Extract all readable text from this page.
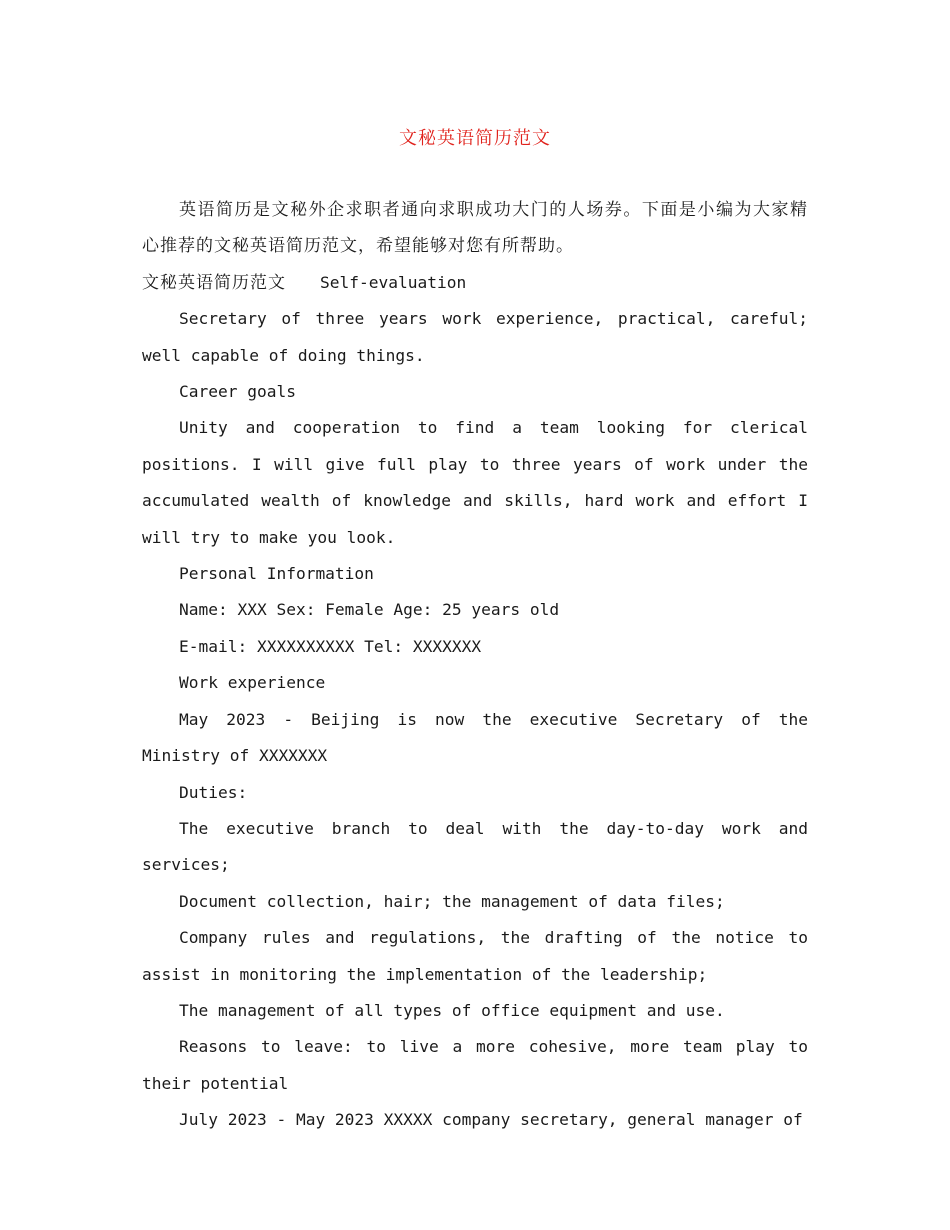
文秘英语简历范文

英语简历是文秘外企求职者通向求职成功大门的人场券。下面是小编为大家精心推荐的文秘英语简历范文，希望能够对您有所帮助。

文秘英语简历范文 Self-evaluation

Secretary of three years work experience, practical, careful; well capable of doing things.

Career goals

Unity and cooperation to find a team looking for clerical positions. I will give full play to three years of work under the accumulated wealth of knowledge and skills, hard work and effort I will try to make you look.

Personal Information

Name: XXX Sex: Female Age: 25 years old

E-mail: XXXXXXXXXX Tel: XXXXXXX

Work experience

May 2023 - Beijing is now the executive Secretary of the Ministry of XXXXXXX

Duties:

The executive branch to deal with the day-to-day work and services;

Document collection, hair; the management of data files;

Company rules and regulations, the drafting of the notice to assist in monitoring the implementation of the leadership;

The management of all types of office equipment and use.

Reasons to leave: to live a more cohesive, more team play to their potential

July 2023 - May 2023 XXXXX company secretary, general manager of
